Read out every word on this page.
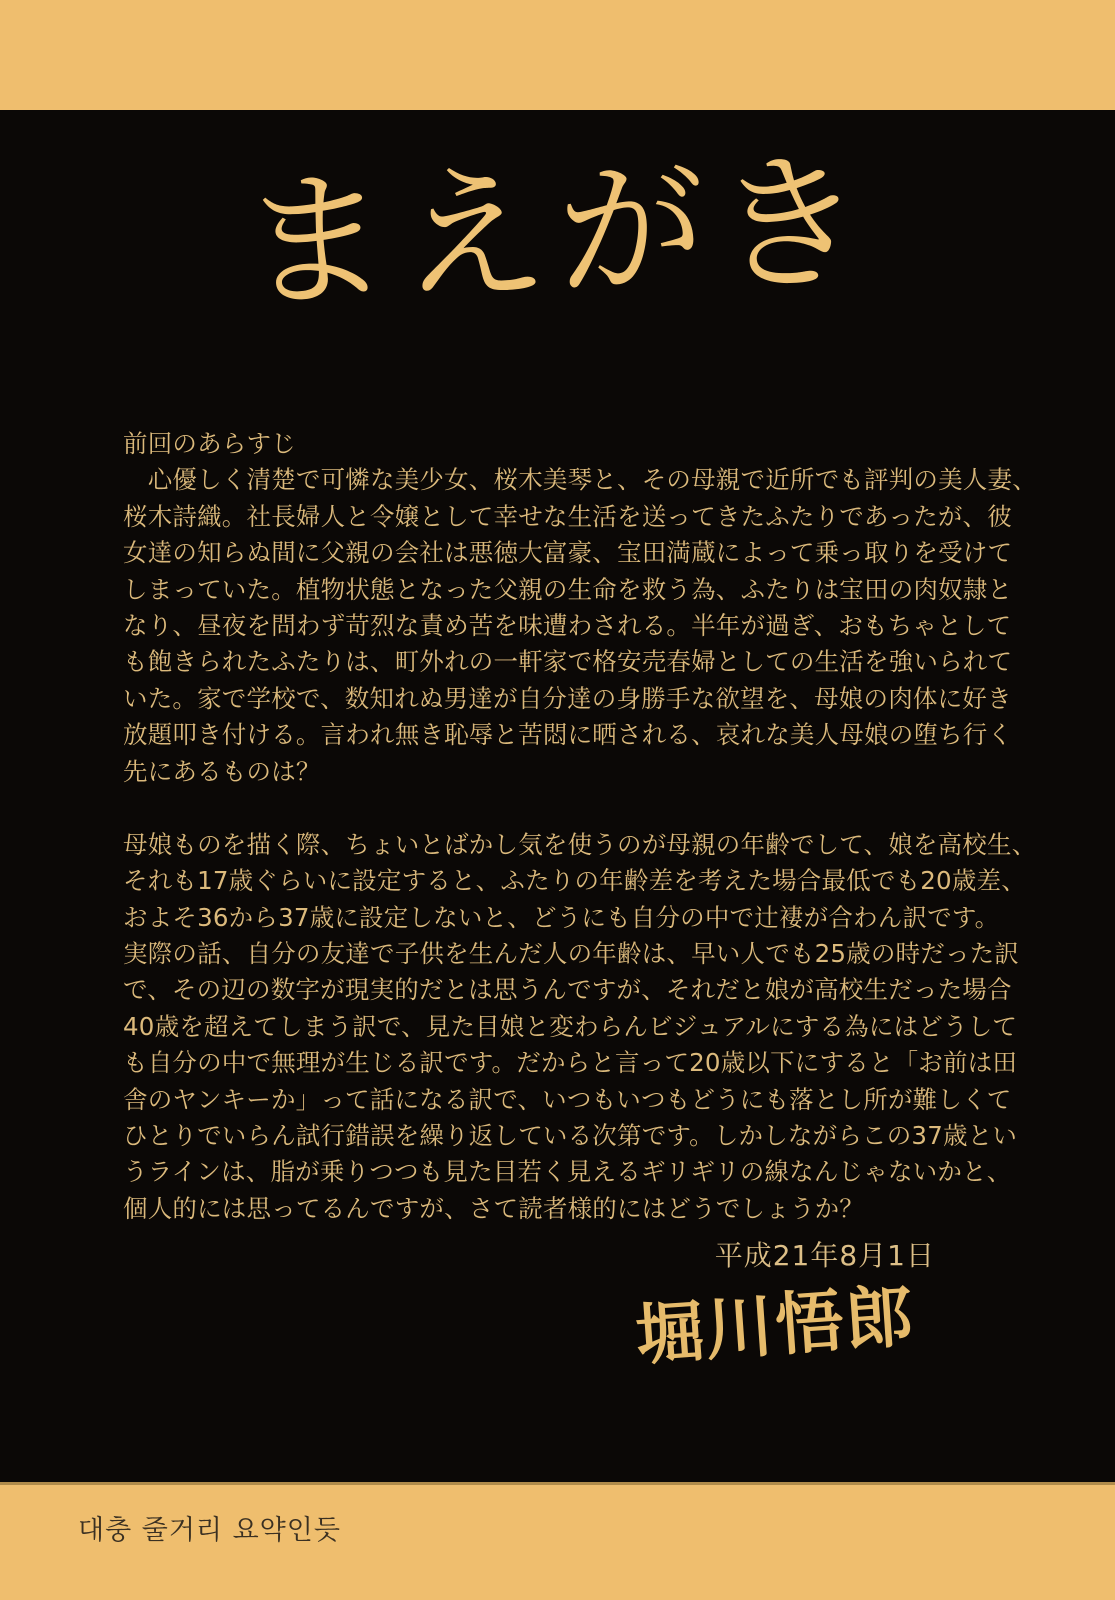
まえがき
前回のあらすじ
　心優しく清楚で可憐な美少女、桜木美琴と、その母親で近所でも評判の美人妻、
桜木詩織。社長婦人と令嬢として幸せな生活を送ってきたふたりであったが、彼
女達の知らぬ間に父親の会社は悪徳大富豪、宝田満蔵によって乗っ取りを受けて
しまっていた。植物状態となった父親の生命を救う為、ふたりは宝田の肉奴隷と
なり、昼夜を問わず苛烈な責め苦を味遭わされる。半年が過ぎ、おもちゃとして
も飽きられたふたりは、町外れの一軒家で格安売春婦としての生活を強いられて
いた。家で学校で、数知れぬ男達が自分達の身勝手な欲望を、母娘の肉体に好き
放題叩き付ける。言われ無き恥辱と苦悶に晒される、哀れな美人母娘の堕ち行く
先にあるものは？
母娘ものを描く際、ちょいとばかし気を使うのが母親の年齢でして、娘を高校生、
それも17歳ぐらいに設定すると、ふたりの年齢差を考えた場合最低でも20歳差、
およそ36から37歳に設定しないと、どうにも自分の中で辻褄が合わん訳です。
実際の話、自分の友達で子供を生んだ人の年齢は、早い人でも25歳の時だった訳
で、その辺の数字が現実的だとは思うんですが、それだと娘が高校生だった場合
40歳を超えてしまう訳で、見た目娘と変わらんビジュアルにする為にはどうして
も自分の中で無理が生じる訳です。だからと言って20歳以下にすると「お前は田
舎のヤンキーか」って話になる訳で、いつもいつもどうにも落とし所が難しくて
ひとりでいらん試行錯誤を繰り返している次第です。しかしながらこの37歳とい
うラインは、脂が乗りつつも見た目若く見えるギリギリの線なんじゃないかと、
個人的には思ってるんですが、さて読者様的にはどうでしょうか？
平成21年8月1日
堀川悟郎
대충 줄거리 요약인듯
